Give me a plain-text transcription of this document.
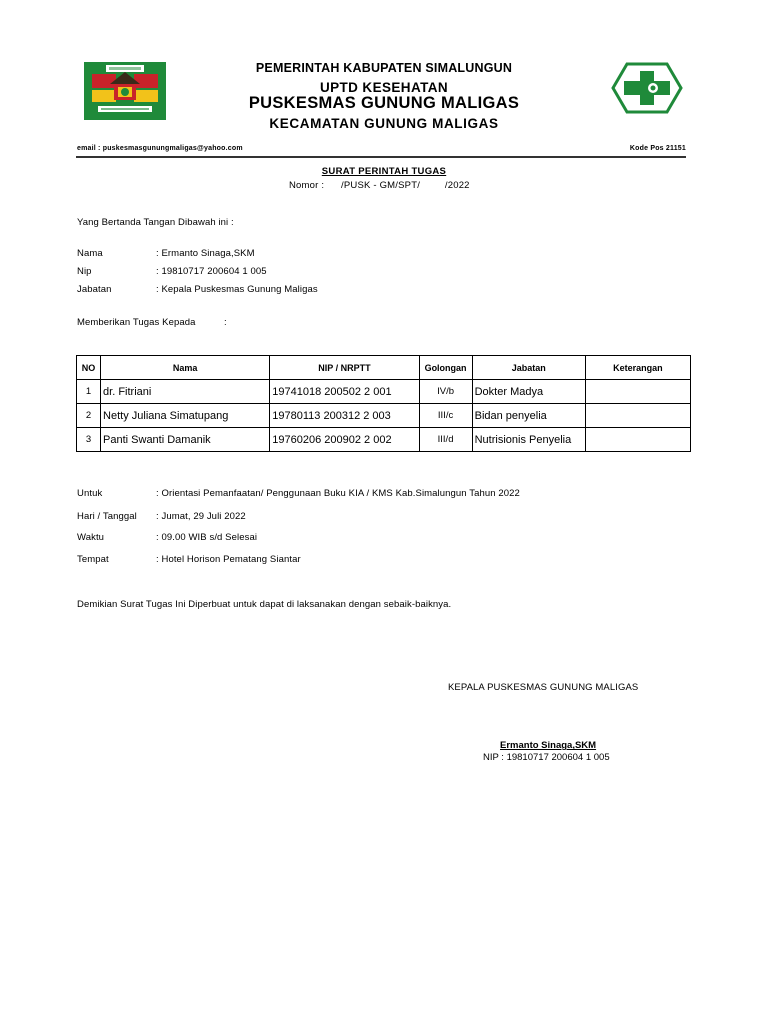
PEMERINTAH KABUPATEN SIMALUNGUN
UPTD KESEHATAN
PUSKESMAS GUNUNG MALIGAS
KECAMATAN GUNUNG MALIGAS
email : puskesmasgunungmaligas@yahoo.com	Kode Pos 21151
SURAT PERINTAH TUGAS
Nomor : /PUSK - GM/SPT/	/2022
Yang Bertanda Tangan Dibawah ini :
Nama	: Ermanto Sinaga,SKM
Nip	: 19810717 200604 1 005
Jabatan	: Kepala Puskesmas Gunung Maligas
Memberikan Tugas Kepada	:
NO	Nama	NIP / NRPTT	Golongan	Jabatan	Keterangan
1	dr. Fitriani	19741018 200502 2 001	IV/b	Dokter Madya	
2	Netty Juliana Simatupang	19780113 200312 2 003	III/c	Bidan penyelia	
3	Panti Swanti Damanik	19760206 200902 2 002	III/d	Nutrisionis Penyelia	
Untuk	: Orientasi Pemanfaatan/ Penggunaan Buku KIA / KMS Kab.Simalungun Tahun 2022
Hari / Tanggal : Jumat, 29 Juli 2022
Waktu	: 09.00 WIB s/d Selesai
Tempat	: Hotel Horison Pematang Siantar
Demikian Surat Tugas Ini Diperbuat untuk dapat di laksanakan dengan sebaik-baiknya.
KEPALA PUSKESMAS GUNUNG MALIGAS
Ermanto Sinaga,SKM
NIP : 19810717 200604 1 005
